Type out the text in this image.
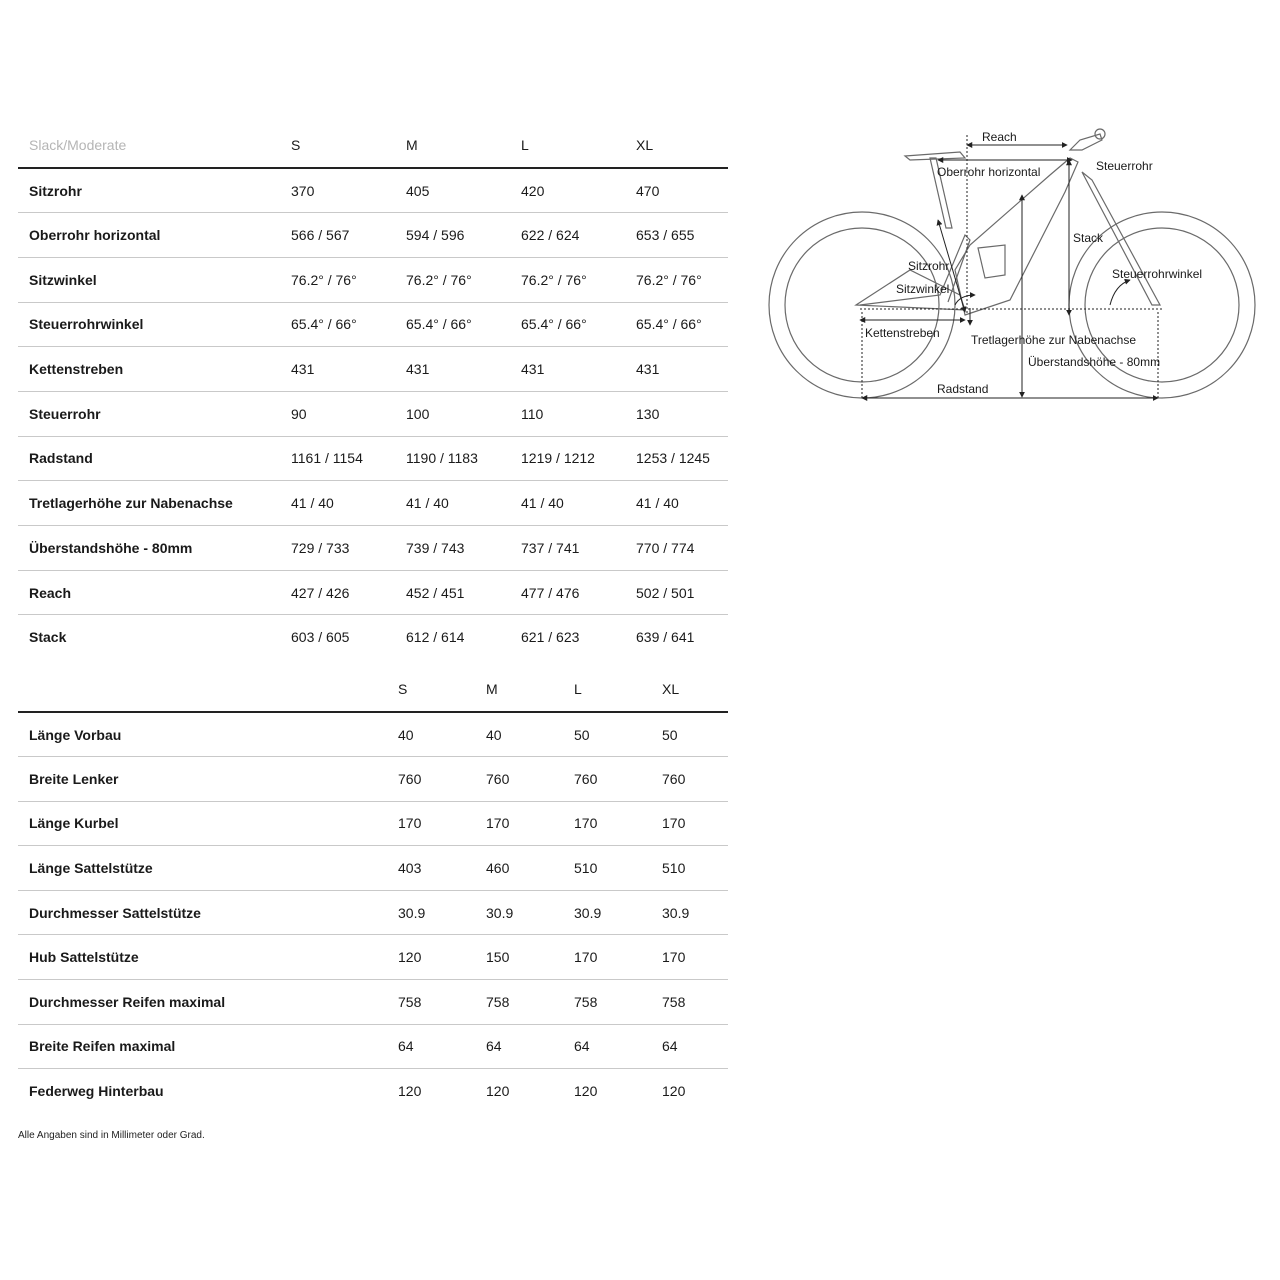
Slack/Moderate	S	M	L	XL
Sitzrohr	370	405	420	470
Oberrohr horizontal	566 / 567	594 / 596	622 / 624	653 / 655
Sitzwinkel	76.2° / 76°	76.2° / 76°	76.2° / 76°	76.2° / 76°
Steuerrohrwinkel	65.4° / 66°	65.4° / 66°	65.4° / 66°	65.4° / 66°
Kettenstreben	431	431	431	431
Steuerrohr	90	100	110	130
Radstand	1161 / 1154	1190 / 1183	1219 / 1212	1253 / 1245
Tretlagerhöhe zur Nabenachse	41 / 40	41 / 40	41 / 40	41 / 40
Überstandshöhe - 80mm	729 / 733	739 / 743	737 / 741	770 / 774
Reach	427 / 426	452 / 451	477 / 476	502 / 501
Stack	603 / 605	612 / 614	621 / 623	639 / 641
	S	M	L	XL
Länge Vorbau	40	40	50	50
Breite Lenker	760	760	760	760
Länge Kurbel	170	170	170	170
Länge Sattelstütze	403	460	510	510
Durchmesser Sattelstütze	30.9	30.9	30.9	30.9
Hub Sattelstütze	120	150	170	170
Durchmesser Reifen maximal	758	758	758	758
Breite Reifen maximal	64	64	64	64
Federweg Hinterbau	120	120	120	120
Alle Angaben sind in Millimeter oder Grad.
Reach
Steuerrohr
Oberrohr horizontal
Stack
Sitzrohr
Sitzwinkel
Steuerrohrwinkel
Kettenstreben	Tretlagerhöhe zur Nabenachse
Überstandshöhe - 80mm
Radstand
